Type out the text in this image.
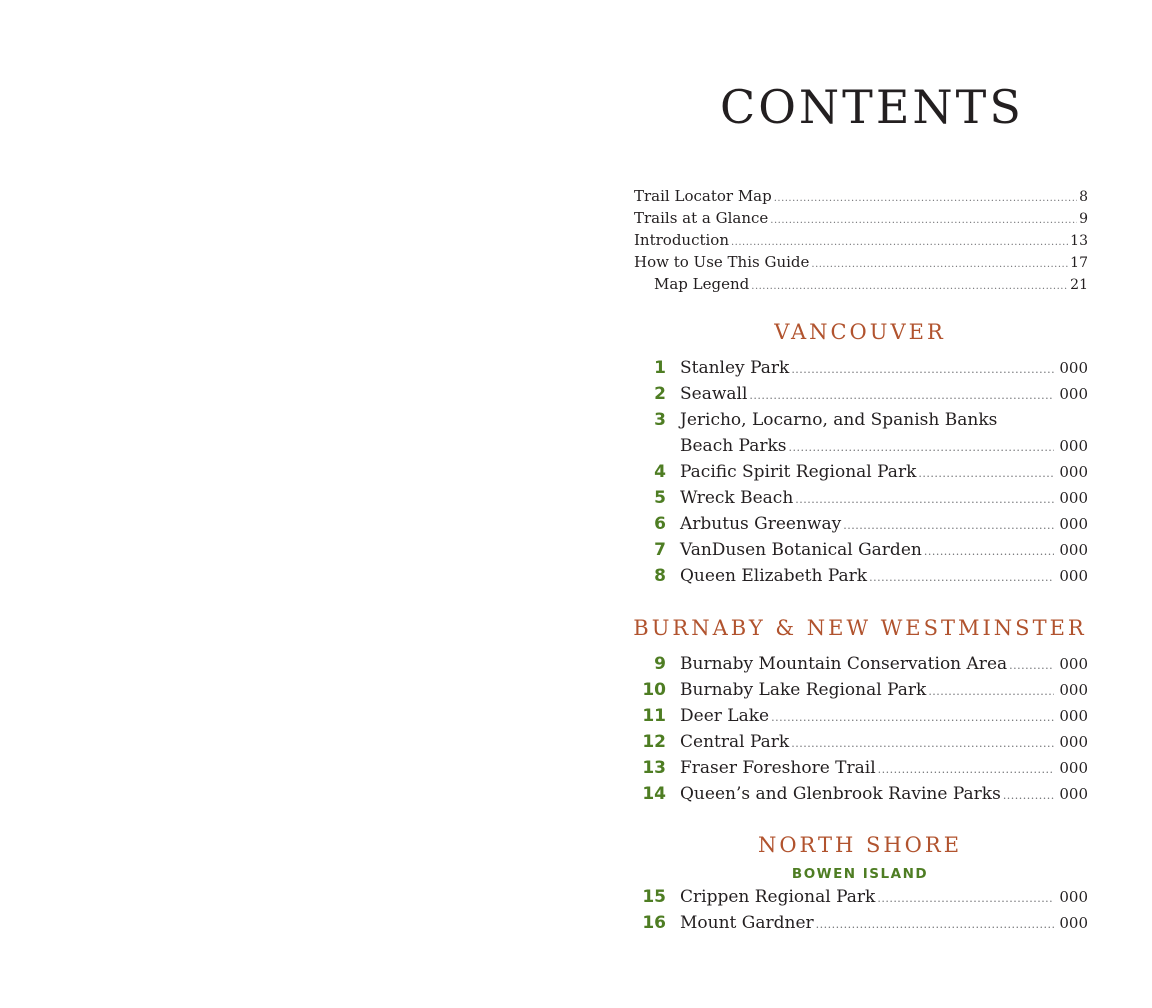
CONTENTS
Trail Locator Map .....	8
Trails at a Glance .....	9
Introduction .....	13
How to Use This Guide .....	17
Map Legend .....	21
VANCOUVER
1 Stanley Park .....	000
2 Seawall .....	000
3 Jericho, Locarno, and Spanish Banks
Beach Parks .....	000
4 Pacific Spirit Regional Park .....	000
5 Wreck Beach .....	000
6 Arbutus Greenway .....	000
7 VanDusen Botanical Garden .....	000
8 Queen Elizabeth Park .....	000
BURNABY & NEW WESTMINSTER
9 Burnaby Mountain Conservation Area .....	000
10 Burnaby Lake Regional Park .....	000
11 Deer Lake .....	000
12 Central Park .....	000
13 Fraser Foreshore Trail .....	000
14 Queen’s and Glenbrook Ravine Parks .....	000
NORTH SHORE
BOWEN ISLAND
15 Crippen Regional Park .....	000
16 Mount Gardner .....	000
